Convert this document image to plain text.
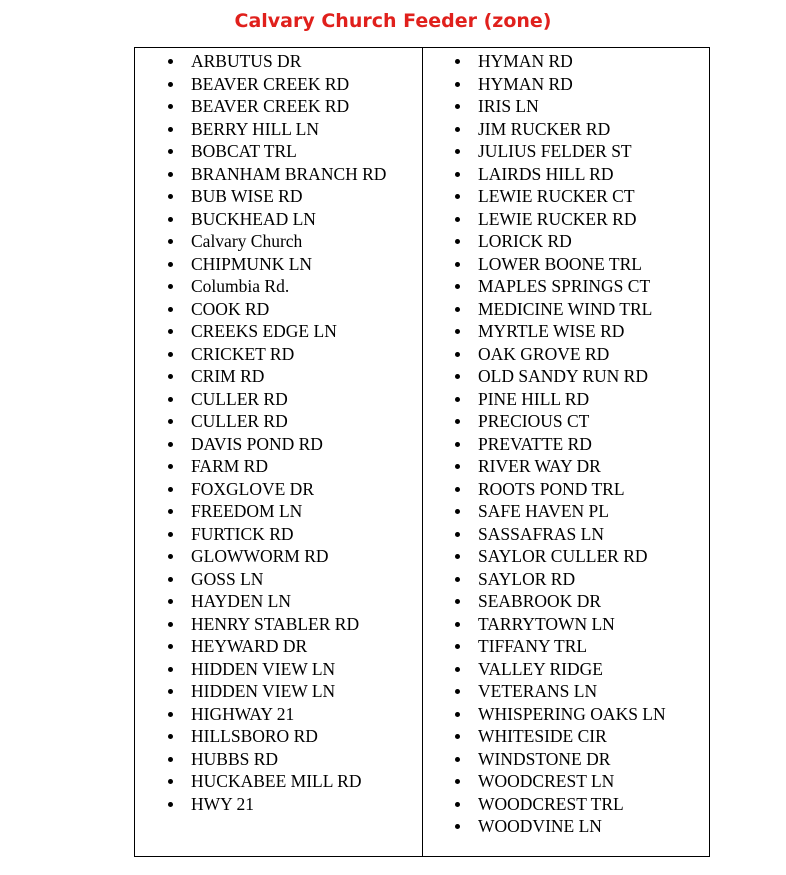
Calvary Church Feeder (zone)
ARBUTUS DR
BEAVER CREEK RD
BEAVER CREEK RD
BERRY HILL LN
BOBCAT TRL
BRANHAM BRANCH RD
BUB WISE RD
BUCKHEAD LN
Calvary Church
CHIPMUNK LN
Columbia Rd.
COOK RD
CREEKS EDGE LN
CRICKET RD
CRIM RD
CULLER RD
CULLER RD
DAVIS POND RD
FARM RD
FOXGLOVE DR
FREEDOM LN
FURTICK RD
GLOWWORM RD
GOSS LN
HAYDEN LN
HENRY STABLER RD
HEYWARD DR
HIDDEN VIEW LN
HIDDEN VIEW LN
HIGHWAY 21
HILLSBORO RD
HUBBS RD
HUCKABEE MILL RD
HWY 21
HYMAN RD
HYMAN RD
IRIS LN
JIM RUCKER RD
JULIUS FELDER ST
LAIRDS HILL RD
LEWIE RUCKER CT
LEWIE RUCKER RD
LORICK RD
LOWER BOONE TRL
MAPLES SPRINGS CT
MEDICINE WIND TRL
MYRTLE WISE RD
OAK GROVE RD
OLD SANDY RUN RD
PINE HILL RD
PRECIOUS CT
PREVATTE RD
RIVER WAY DR
ROOTS POND TRL
SAFE HAVEN PL
SASSAFRAS LN
SAYLOR CULLER RD
SAYLOR RD
SEABROOK DR
TARRYTOWN LN
TIFFANY TRL
VALLEY RIDGE
VETERANS LN
WHISPERING OAKS LN
WHITESIDE CIR
WINDSTONE DR
WOODCREST LN
WOODCREST TRL
WOODVINE LN
